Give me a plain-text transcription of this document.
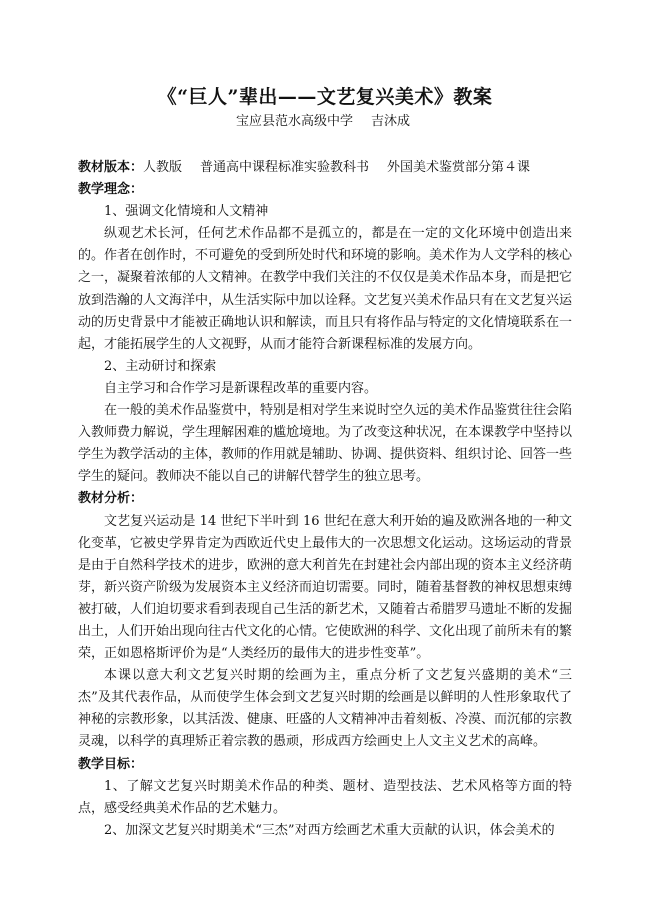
《“巨人”辈出——文艺复兴美术》教案
宝应县范水高级中学 吉沐成
教材版本：人教版 普通高中课程标准实验教科书 外国美术鉴赏部分第４课
教学理念：
1、强调文化情境和人文精神
纵观艺术长河，任何艺术作品都不是孤立的，都是在一定的文化环境中创造出来的。作者在创作时，不可避免的受到所处时代和环境的影响。美术作为人文学科的核心之一，凝聚着浓郁的人文精神。在教学中我们关注的不仅仅是美术作品本身，而是把它放到浩瀚的人文海洋中，从生活实际中加以诠释。文艺复兴美术作品只有在文艺复兴运动的历史背景中才能被正确地认识和解读，而且只有将作品与特定的文化情境联系在一起，才能拓展学生的人文视野，从而才能符合新课程标准的发展方向。
2、主动研讨和探索
自主学习和合作学习是新课程改革的重要内容。
在一般的美术作品鉴赏中，特别是相对学生来说时空久远的美术作品鉴赏往往会陷入教师费力解说，学生理解困难的尴尬境地。为了改变这种状况，在本课教学中坚持以学生为教学活动的主体，教师的作用就是辅助、协调、提供资料、组织讨论、回答一些学生的疑问。教师决不能以自己的讲解代替学生的独立思考。
教材分析：
文艺复兴运动是 14 世纪下半叶到 16 世纪在意大利开始的遍及欧洲各地的一种文化变革，它被史学界肯定为西欧近代史上最伟大的一次思想文化运动。这场运动的背景是由于自然科学技术的进步，欧洲的意大利首先在封建社会内部出现的资本主义经济萌芽，新兴资产阶级为发展资本主义经济而迫切需要。同时，随着基督教的神权思想束缚被打破，人们迫切要求看到表现自己生活的新艺术，又随着古希腊罗马遗址不断的发掘出土，人们开始出现向往古代文化的心情。它使欧洲的科学、文化出现了前所未有的繁荣，正如恩格斯评价为是“人类经历的最伟大的进步性变革”。
本课以意大利文艺复兴时期的绘画为主，重点分析了文艺复兴盛期的美术“三杰”及其代表作品，从而使学生体会到文艺复兴时期的绘画是以鲜明的人性形象取代了神秘的宗教形象，以其活泼、健康、旺盛的人文精神冲击着刻板、冷漠、而沉郁的宗教灵魂，以科学的真理矫正着宗教的愚顽，形成西方绘画史上人文主义艺术的高峰。
教学目标：
1、了解文艺复兴时期美术作品的种类、题材、造型技法、艺术风格等方面的特点，感受经典美术作品的艺术魅力。
2、加深文艺复兴时期美术“三杰”对西方绘画艺术重大贡献的认识，体会美术的
